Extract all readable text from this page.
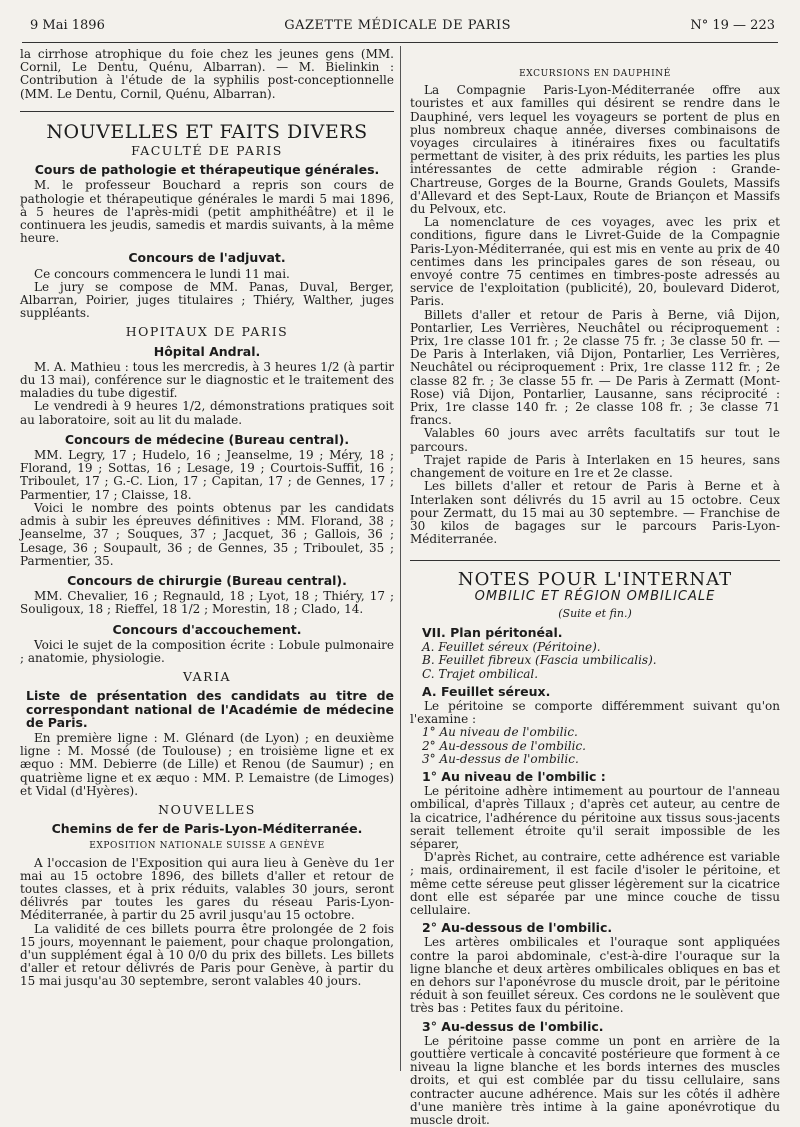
9 Mai 1896	GAZETTE MÉDICALE DE PARIS	N° 19 — 223

la cirrhose atrophique du foie chez les jeunes gens (MM. Cornil, Le Dentu, Quénu, Albarran). — M. Bielinkin : Contribution à l'étude de la syphilis post-conceptionnelle (MM. Le Dentu, Cornil, Quénu, Albarran).

NOUVELLES ET FAITS DIVERS
FACULTÉ DE PARIS
Cours de pathologie et thérapeutique générales.

M. le professeur Bouchard a repris son cours de pathologie et thérapeutique générales le mardi 5 mai 1896, à 5 heures de l'après-midi (petit amphithéâtre) et il le continuera les jeudis, samedis et mardis suivants, à la même heure.

Concours de l'adjuvat.

Ce concours commencera le lundi 11 mai.

Le jury se compose de MM. Panas, Duval, Berger, Albarran, Poirier, juges titulaires ; Thiéry, Walther, juges suppléants.

HOPITAUX DE PARIS
Hôpital Andral.

M. A. Mathieu : tous les mercredis, à 3 heures 1/2 (à partir du 13 mai), conférence sur le diagnostic et le traitement des maladies du tube digestif.

Le vendredi à 9 heures 1/2, démonstrations pratiques soit au laboratoire, soit au lit du malade.

Concours de médecine (Bureau central).

MM. Legry, 17 ; Hudelo, 16 ; Jeanselme, 19 ; Méry, 18 ; Florand, 19 ; Sottas, 16 ; Lesage, 19 ; Courtois-Suffit, 16 ; Triboulet, 17 ; G.-C. Lion, 17 ; Capitan, 17 ; de Gennes, 17 ; Parmentier, 17 ; Claisse, 18.

Voici le nombre des points obtenus par les candidats admis à subir les épreuves définitives : MM. Florand, 38 ; Jeanselme, 37 ; Souques, 37 ; Jacquet, 36 ; Gallois, 36 ; Lesage, 36 ; Soupault, 36 ; de Gennes, 35 ; Triboulet, 35 ; Parmentier, 35.

Concours de chirurgie (Bureau central).

MM. Chevalier, 16 ; Regnauld, 18 ; Lyot, 18 ; Thiéry, 17 ; Souligoux, 18 ; Rieffel, 18 1/2 ; Morestin, 18 ; Clado, 14.

Concours d'accouchement.

Voici le sujet de la composition écrite : Lobule pulmonaire ; anatomie, physiologie.

VARIA
Liste de présentation des candidats au titre de correspondant national de l'Académie de médecine de Paris.

En première ligne : M. Glénard (de Lyon) ; en deuxième ligne : M. Mossé (de Toulouse) ; en troisième ligne et ex æquo : MM. Debierre (de Lille) et Renou (de Saumur) ; en quatrième ligne et ex æquo : MM. P. Lemaistre (de Limoges) et Vidal (d'Hyères).

NOUVELLES
Chemins de fer de Paris-Lyon-Méditerranée.
EXPOSITION NATIONALE SUISSE A GENÈVE

A l'occasion de l'Exposition qui aura lieu à Genève du 1er mai au 15 octobre 1896, des billets d'aller et retour de toutes classes, et à prix réduits, valables 30 jours, seront délivrés par toutes les gares du réseau Paris-Lyon-Méditerranée, à partir du 25 avril jusqu'au 15 octobre.

La validité de ces billets pourra être prolongée de 2 fois 15 jours, moyennant le paiement, pour chaque prolongation, d'un supplément égal à 10 0/0 du prix des billets. Les billets d'aller et retour délivrés de Paris pour Genève, à partir du 15 mai jusqu'au 30 septembre, seront valables 40 jours.

EXCURSIONS EN DAUPHINÉ

La Compagnie Paris-Lyon-Méditerranée offre aux touristes et aux familles qui désirent se rendre dans le Dauphiné, vers lequel les voyageurs se portent de plus en plus nombreux chaque année, diverses combinaisons de voyages circulaires à itinéraires fixes ou facultatifs permettant de visiter, à des prix réduits, les parties les plus intéressantes de cette admirable région : Grande-Chartreuse, Gorges de la Bourne, Grands Goulets, Massifs d'Allevard et des Sept-Laux, Route de Briançon et Massifs du Pelvoux, etc.

La nomenclature de ces voyages, avec les prix et conditions, figure dans le Livret-Guide de la Compagnie Paris-Lyon-Méditerranée, qui est mis en vente au prix de 40 centimes dans les principales gares de son réseau, ou envoyé contre 75 centimes en timbres-poste adressés au service de l'exploitation (publicité), 20, boulevard Diderot, Paris.

Billets d'aller et retour de Paris à Berne, viâ Dijon, Pontarlier, Les Verrières, Neuchâtel ou réciproquement : Prix, 1re classe 101 fr. ; 2e classe 75 fr. ; 3e classe 50 fr. — De Paris à Interlaken, viâ Dijon, Pontarlier, Les Verrières, Neuchâtel ou réciproquement : Prix, 1re classe 112 fr. ; 2e classe 82 fr. ; 3e classe 55 fr. — De Paris à Zermatt (Mont-Rose) viâ Dijon, Pontarlier, Lausanne, sans réciprocité : Prix, 1re classe 140 fr. ; 2e classe 108 fr. ; 3e classe 71 francs.

Valables 60 jours avec arrêts facultatifs sur tout le parcours.

Trajet rapide de Paris à Interlaken en 15 heures, sans changement de voiture en 1re et 2e classe.

Les billets d'aller et retour de Paris à Berne et à Interlaken sont délivrés du 15 avril au 15 octobre. Ceux pour Zermatt, du 15 mai au 30 septembre. — Franchise de 30 kilos de bagages sur le parcours Paris-Lyon-Méditerranée.

NOTES POUR L'INTERNAT
OMBILIC ET RÉGION OMBILICALE
(Suite et fin.)
VII. Plan péritonéal.

A. Feuillet séreux (Péritoine).

B. Feuillet fibreux (Fascia umbilicalis).

C. Trajet ombilical.

A. Feuillet séreux.

Le péritoine se comporte différemment suivant qu'on l'examine :

1° Au niveau de l'ombilic.

2° Au-dessous de l'ombilic.

3° Au-dessus de l'ombilic.

1° Au niveau de l'ombilic :

Le péritoine adhère intimement au pourtour de l'anneau ombilical, d'après Tillaux ; d'après cet auteur, au centre de la cicatrice, l'adhérence du péritoine aux tissus sous-jacents serait tellement étroite qu'il serait impossible de les séparer,

D'après Richet, au contraire, cette adhérence est variable ; mais, ordinairement, il est facile d'isoler le péritoine, et même cette séreuse peut glisser légèrement sur la cicatrice dont elle est séparée par une mince couche de tissu cellulaire.

2° Au-dessous de l'ombilic.

Les artères ombilicales et l'ouraque sont appliquées contre la paroi abdominale, c'est-à-dire l'ouraque sur la ligne blanche et deux artères ombilicales obliques en bas et en dehors sur l'aponévrose du muscle droit, par le péritoine réduit à son feuillet séreux. Ces cordons ne le soulèvent que très bas : Petites faux du péritoine.

3° Au-dessus de l'ombilic.

Le péritoine passe comme un pont en arrière de la gouttière verticale à concavité postérieure que forment à ce niveau la ligne blanche et les bords internes des muscles droits, et qui est comblée par du tissu cellulaire, sans contracter aucune adhérence. Mais sur les côtés il adhère d'une manière très intime à la gaine aponévrotique du muscle droit.
